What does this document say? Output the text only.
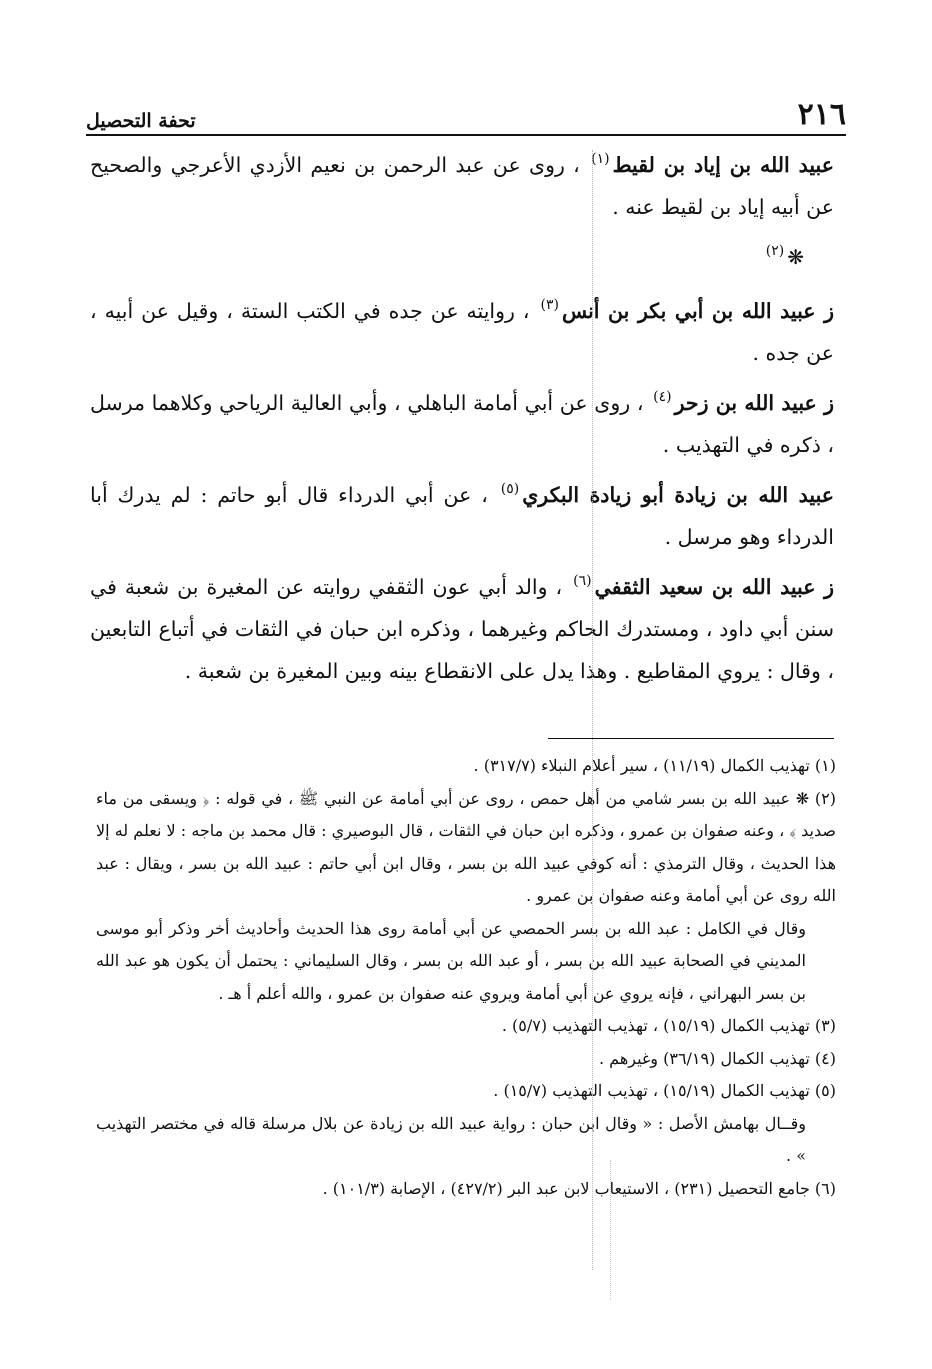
٢١٦
تحفة التحصيل

عبيد الله بن إياد بن لقيط$^{(١)}$ ، روى عن عبد الرحمن بن نعيم الأزدي الأعرجي والصحيح عن أبيه إياد بن لقيط عنه .

❋$^{(٢)}$

ز عبيد الله بن أبي بكر بن أنس$^{(٣)}$ ، روايته عن جده في الكتب الستة ، وقيل عن أبيه ، عن جده .

ز عبيد الله بن زحر$^{(٤)}$ ، روى عن أبي أمامة الباهلي ، وأبي العالية الرياحي وكلاهما مرسل ، ذكره في التهذيب .

عبيد الله بن زيادة أبو زيادة البكري$^{(٥)}$ ، عن أبي الدرداء قال أبو حاتم : لم يدرك أبا الدرداء وهو مرسل .

ز عبيد الله بن سعيد الثقفي$^{(٦)}$ ، والد أبي عون الثقفي روايته عن المغيرة بن شعبة في سنن أبي داود ، ومستدرك الحاكم وغيرهما ، وذكره ابن حبان في الثقات في أتباع التابعين ، وقال : يروي المقاطيع . وهذا يدل على الانقطاع بينه وبين المغيرة بن شعبة .

(١) تهذيب الكمال (١١/١٩) ، سير أعلام النبلاء (٣١٧/٧) .

(٢) ❋ عبيد الله بن بسر شامي من أهل حمص ، روى عن أبي أمامة عن النبي ﷺ ، في قوله : ﴿ ويسقى من ماء صديد ﴾ ، وعنه صفوان بن عمرو ، وذكره ابن حبان في الثقات ، قال البوصيري : قال محمد بن ماجه : لا نعلم له إلا هذا الحديث ، وقال الترمذي : أنه كوفي عبيد الله بن بسر ، وقال ابن أبي حاتم : عبيد الله بن بسر ، ويقال : عبد الله روى عن أبي أمامة وعنه صفوان بن عمرو .

وقال في الكامل : عبد الله بن بسر الحمصي عن أبي أمامة روى هذا الحديث وأحاديث أخر وذكر أبو موسى المديني في الصحابة عبيد الله بن بسر ، أو عبد الله بن بسر ، وقال السليماني : يحتمل أن يكون هو عبد الله بن بسر البهراني ، فإنه يروي عن أبي أمامة ويروي عنه صفوان بن عمرو ، والله أعلم أ هـ .

(٣) تهذيب الكمال (١٥/١٩) ، تهذيب التهذيب (٥/٧) .

(٤) تهذيب الكمال (٣٦/١٩) وغيرهم .

(٥) تهذيب الكمال (١٥/١٩) ، تهذيب التهذيب (١٥/٧) .

وقــال بهامش الأصل : « وقال ابن حبان : رواية عبيد الله بن زيادة عن بلال مرسلة قاله في مختصر التهذيب » .

(٦) جامع التحصيل (٢٣١) ، الاستيعاب لابن عبد البر (٤٢٧/٢) ، الإصابة (١٠١/٣) .
